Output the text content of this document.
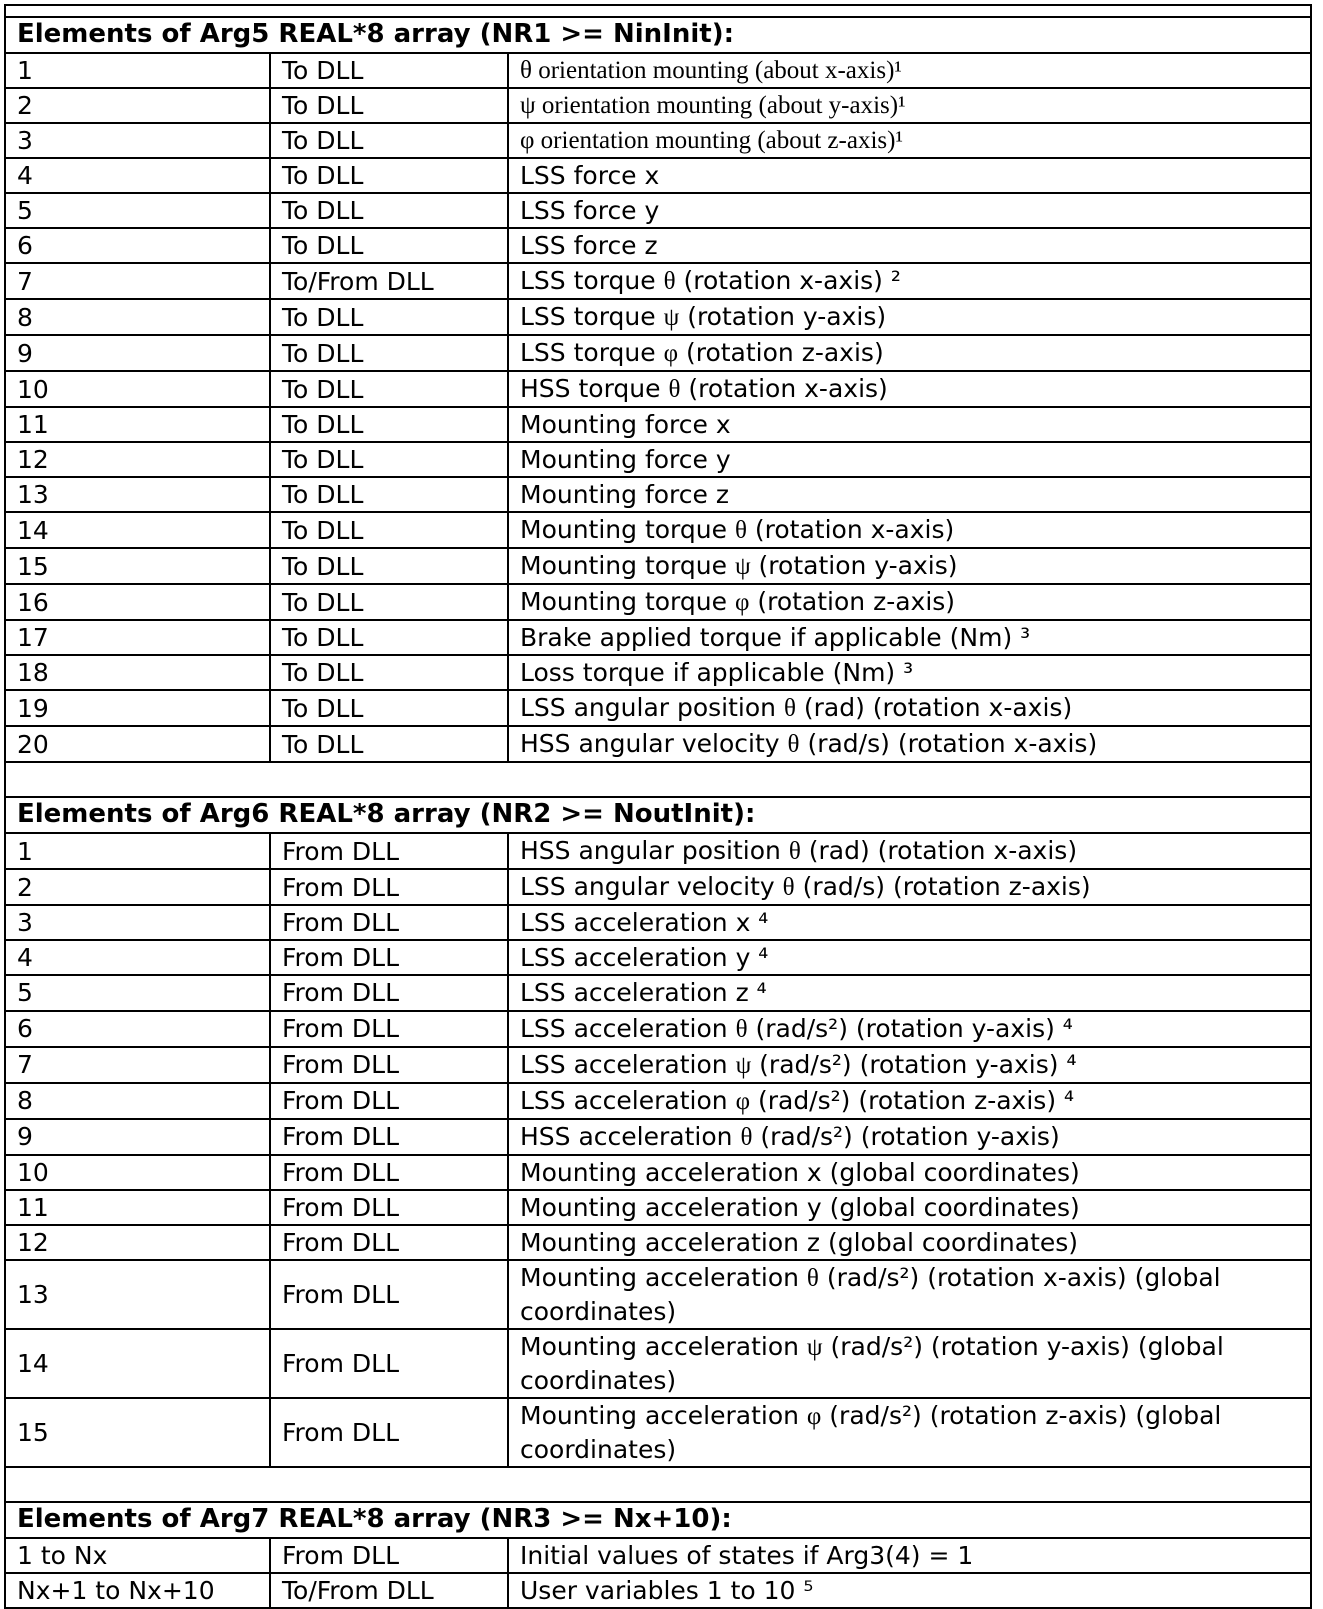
Elements of Arg5 REAL*8 array (NR1 >= NinInit):		
1	To DLL	θ orientation mounting (about x-axis)¹
2	To DLL	ψ orientation mounting (about y-axis)¹
3	To DLL	φ orientation mounting (about z-axis)¹
4	To DLL	LSS force x
5	To DLL	LSS force y
6	To DLL	LSS force z
7	To/From DLL	LSS torque θ (rotation x-axis) ²
8	To DLL	LSS torque ψ (rotation y-axis)
9	To DLL	LSS torque φ (rotation z-axis)
10	To DLL	HSS torque θ (rotation x-axis)
11	To DLL	Mounting force x
12	To DLL	Mounting force y
13	To DLL	Mounting force z
14	To DLL	Mounting torque θ (rotation x-axis)
15	To DLL	Mounting torque ψ (rotation y-axis)
16	To DLL	Mounting torque φ (rotation z-axis)
17	To DLL	Brake applied torque if applicable (Nm) ³
18	To DLL	Loss torque if applicable (Nm) ³
19	To DLL	LSS angular position θ (rad) (rotation x-axis)
20	To DLL	HSS angular velocity θ (rad/s) (rotation x-axis)

Elements of Arg6 REAL*8 array (NR2 >= NoutInit):		
1	From DLL	HSS angular position θ (rad) (rotation x-axis)
2	From DLL	LSS angular velocity θ (rad/s) (rotation z-axis)
3	From DLL	LSS acceleration x ⁴
4	From DLL	LSS acceleration y ⁴
5	From DLL	LSS acceleration z ⁴
6	From DLL	LSS acceleration θ (rad/s²) (rotation y-axis) ⁴
7	From DLL	LSS acceleration ψ (rad/s²) (rotation y-axis) ⁴
8	From DLL	LSS acceleration φ (rad/s²) (rotation z-axis) ⁴
9	From DLL	HSS acceleration θ (rad/s²) (rotation y-axis)
10	From DLL	Mounting acceleration x (global coordinates)
11	From DLL	Mounting acceleration y (global coordinates)
12	From DLL	Mounting acceleration z (global coordinates)
13	From DLL	Mounting acceleration θ (rad/s²) (rotation x-axis) (global coordinates)
14	From DLL	Mounting acceleration ψ (rad/s²) (rotation y-axis) (global coordinates)
15	From DLL	Mounting acceleration φ (rad/s²) (rotation z-axis) (global coordinates)

Elements of Arg7 REAL*8 array (NR3 >= Nx+10):		
1 to Nx	From DLL	Initial values of states if Arg3(4) = 1
Nx+1 to Nx+10	To/From DLL	User variables 1 to 10 ⁵
